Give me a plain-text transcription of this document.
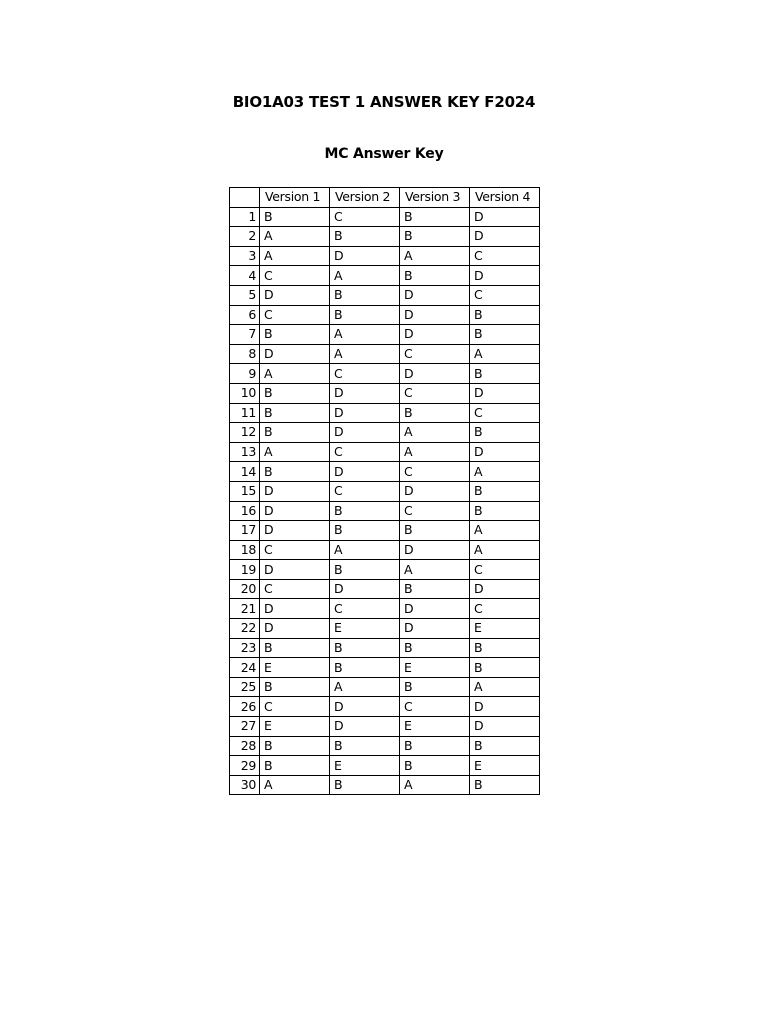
BIO1A03 TEST 1 ANSWER KEY F2024
MC Answer Key
	Version 1	Version 2	Version 3	Version 4
1	B	C	B	D
2	A	B	B	D
3	A	D	A	C
4	C	A	B	D
5	D	B	D	C
6	C	B	D	B
7	B	A	D	B
8	D	A	C	A
9	A	C	D	B
10	B	D	C	D
11	B	D	B	C
12	B	D	A	B
13	A	C	A	D
14	B	D	C	A
15	D	C	D	B
16	D	B	C	B
17	D	B	B	A
18	C	A	D	A
19	D	B	A	C
20	C	D	B	D
21	D	C	D	C
22	D	E	D	E
23	B	B	B	B
24	E	B	E	B
25	B	A	B	A
26	C	D	C	D
27	E	D	E	D
28	B	B	B	B
29	B	E	B	E
30	A	B	A	B
